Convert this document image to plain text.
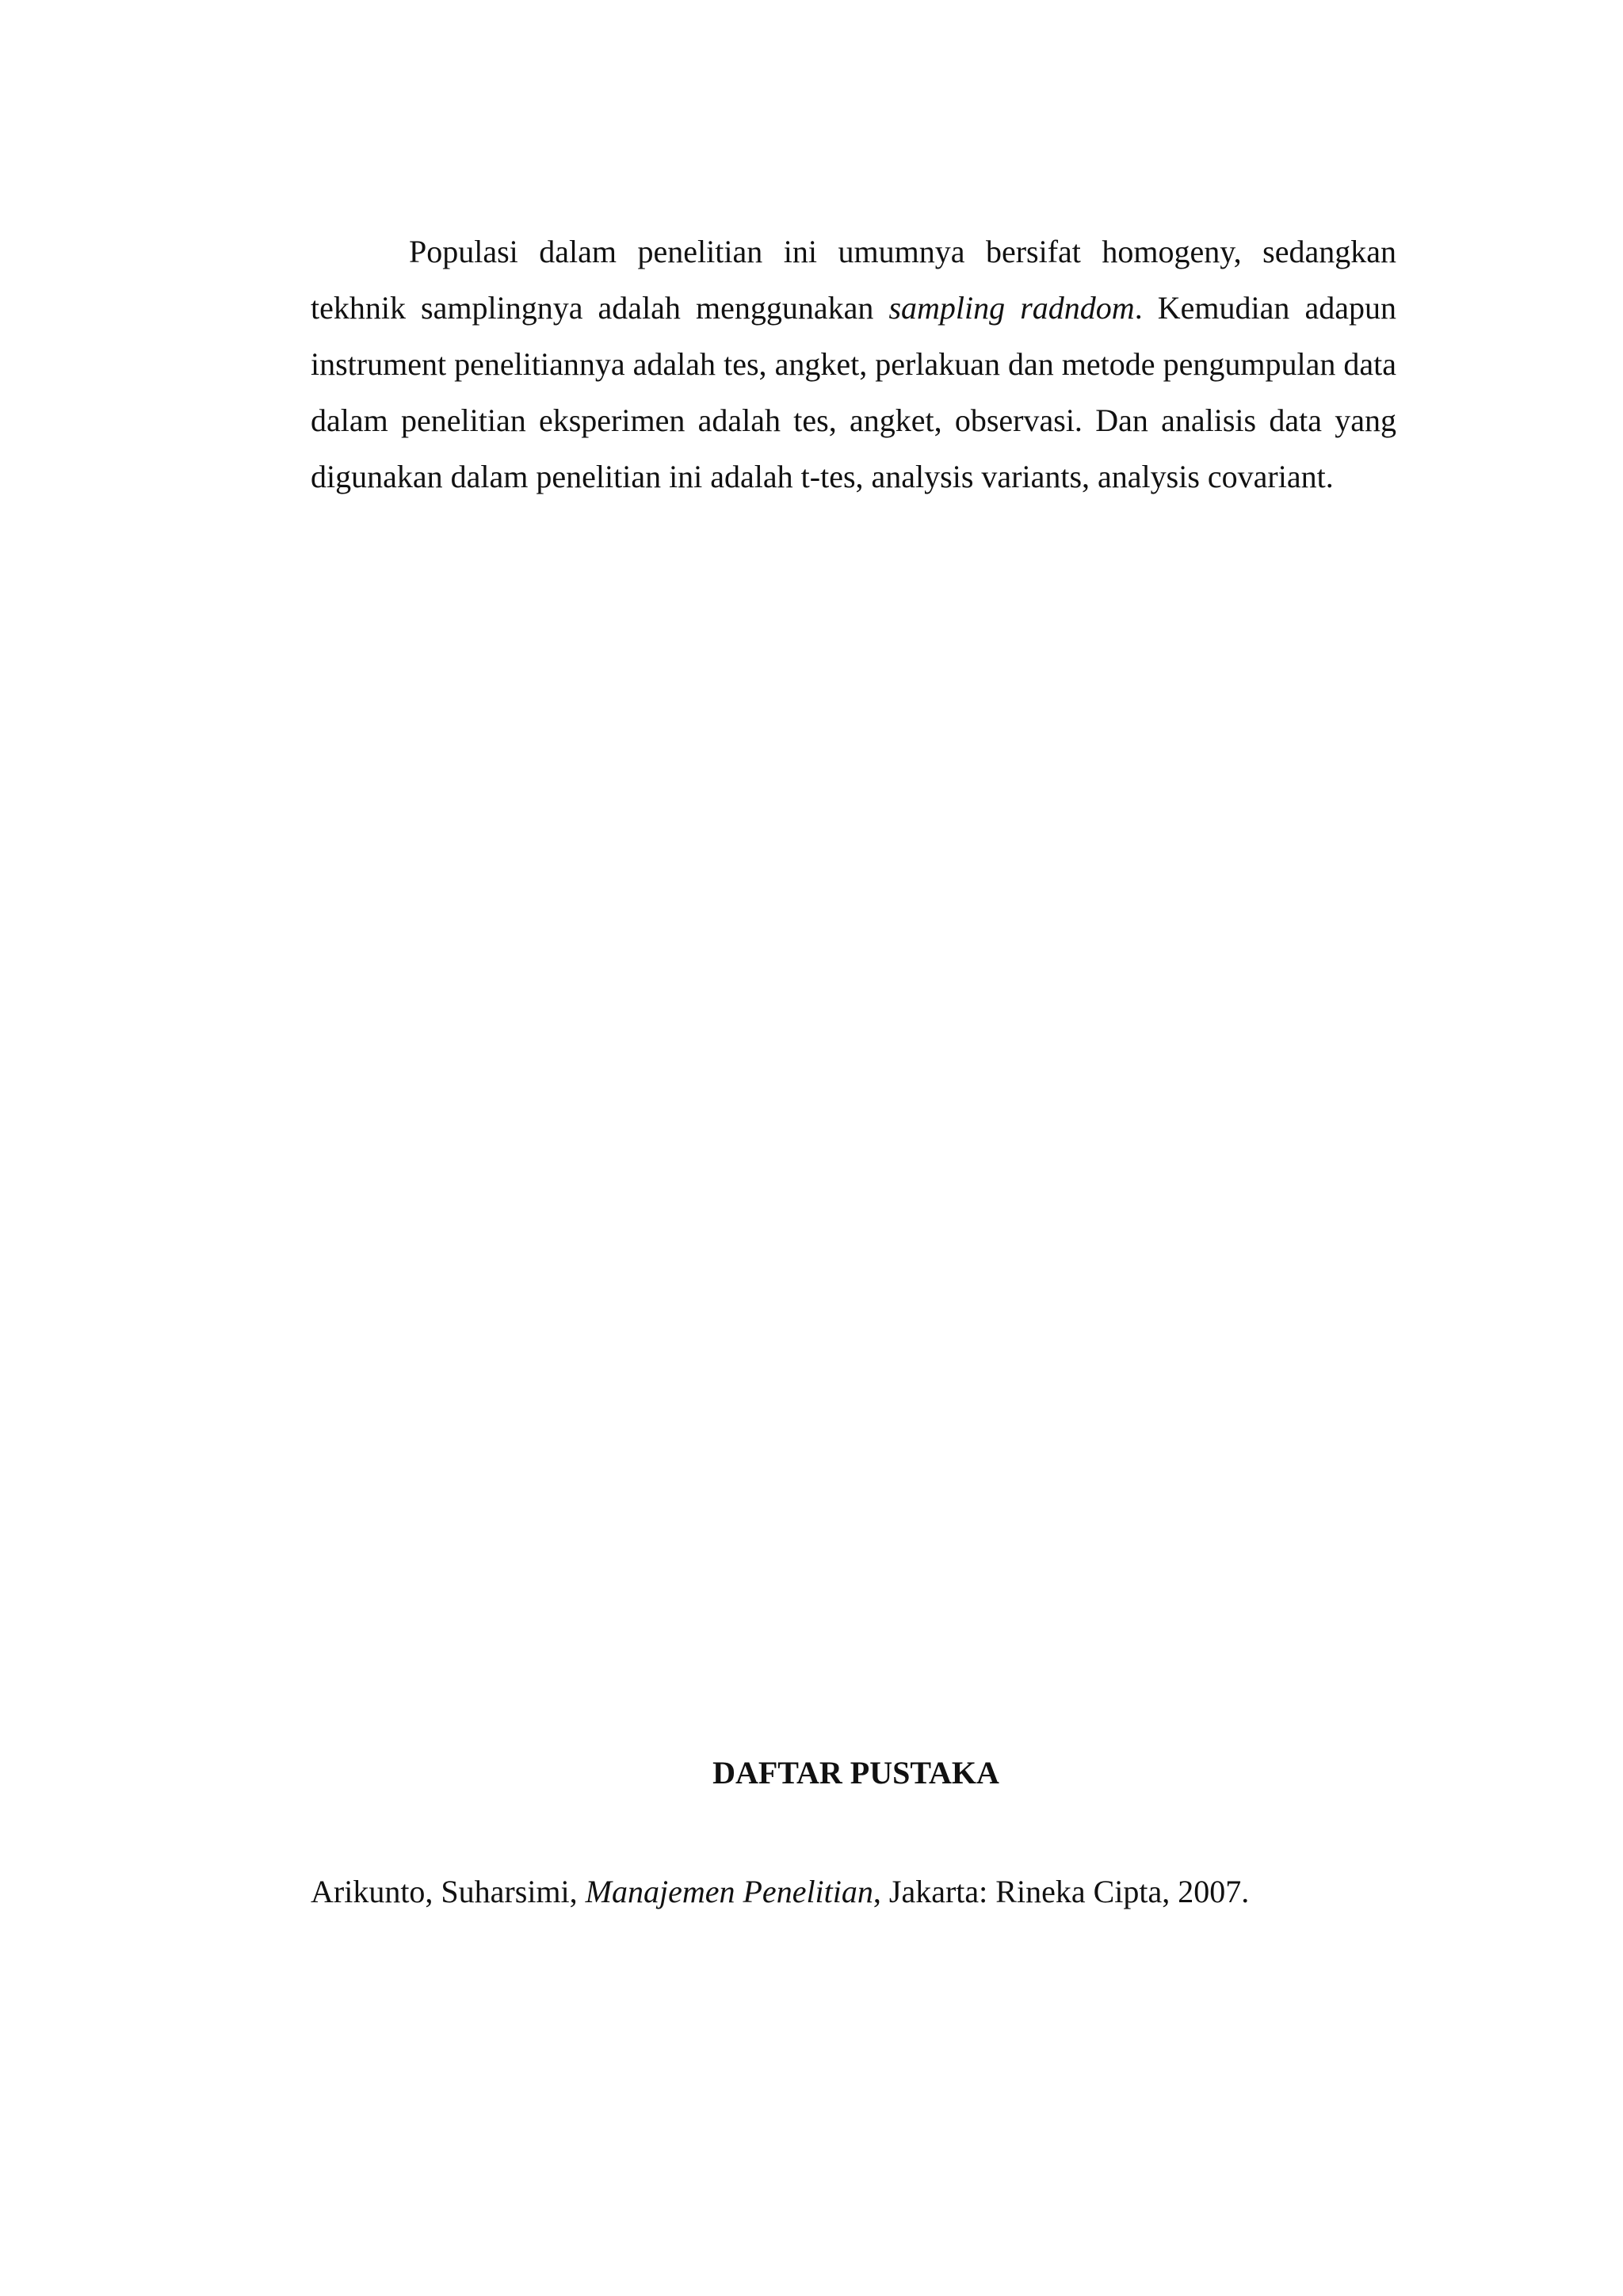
Populasi dalam penelitian ini umumnya bersifat homogeny, sedangkan tekhnik samplingnya adalah menggunakan sampling radndom. Kemudian adapun instrument penelitiannya adalah tes, angket, perlakuan dan metode pengumpulan data dalam penelitian eksperimen adalah tes, angket, observasi. Dan analisis data yang digunakan dalam penelitian ini adalah t-tes, analysis variants, analysis covariant.

DAFTAR PUSTAKA

Arikunto, Suharsimi, Manajemen Penelitian, Jakarta: Rineka Cipta, 2007.
